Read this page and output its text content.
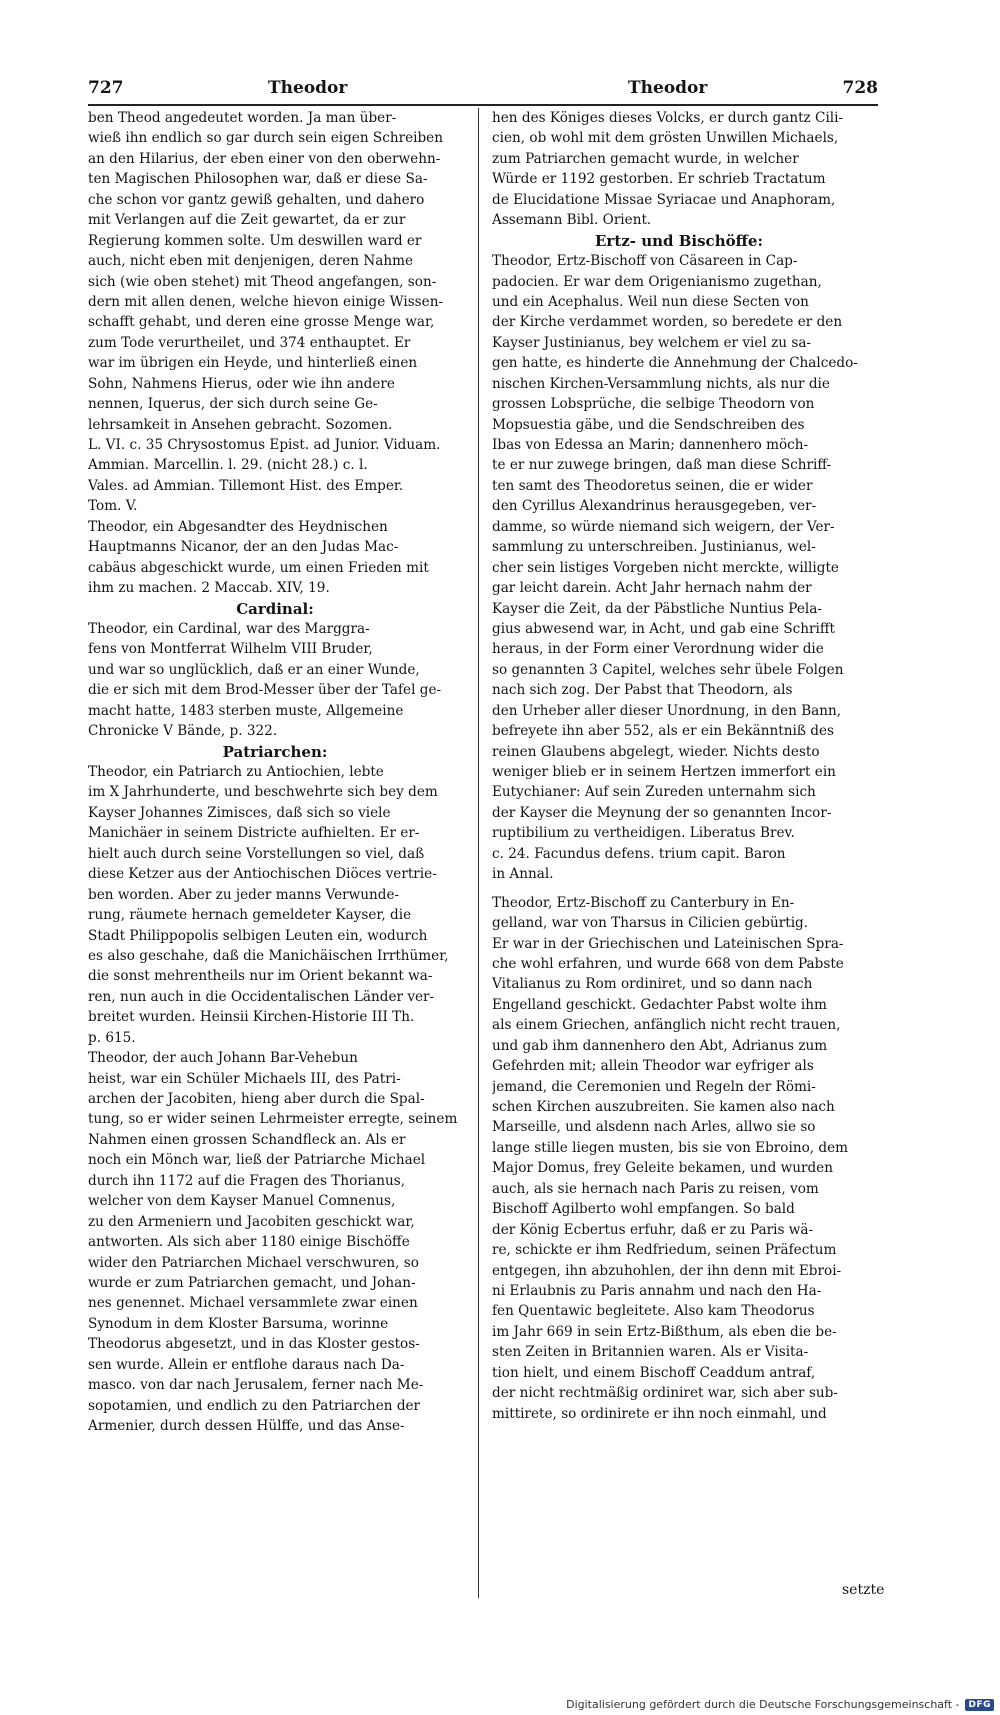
727	Theodor	Theodor	728
ben Theod angedeutet worden. Ja man über-
wieß ihn endlich so gar durch sein eigen Schreiben
an den Hilarius, der eben einer von den oberwehn-
ten Magischen Philosophen war, daß er diese Sa-
che schon vor gantz gewiß gehalten, und dahero
mit Verlangen auf die Zeit gewartet, da er zur
Regierung kommen solte. Um deswillen ward er
auch, nicht eben mit denjenigen, deren Nahme
sich (wie oben stehet) mit Theod angefangen, son-
dern mit allen denen, welche hievon einige Wissen-
schafft gehabt, und deren eine grosse Menge war,
zum Tode verurtheilet, und 374 enthauptet. Er
war im übrigen ein Heyde, und hinterließ einen
Sohn, Nahmens Hierus, oder wie ihn andere
nennen, Iquerus, der sich durch seine Ge-
lehrsamkeit in Ansehen gebracht. Sozomen.
L. VI. c. 35 Chrysostomus Epist. ad Junior. Viduam.
Ammian. Marcellin. l. 29. (nicht 28.) c. l.
Vales. ad Ammian. Tillemont Hist. des Emper.
Tom. V.
Theodor, ein Abgesandter des Heydnischen
Hauptmanns Nicanor, der an den Judas Mac-
cabäus abgeschickt wurde, um einen Frieden mit
ihm zu machen. 2 Maccab. XIV, 19.
Cardinal:
Theodor, ein Cardinal, war des Marggra-
fens von Montferrat Wilhelm VIII Bruder,
und war so unglücklich, daß er an einer Wunde,
die er sich mit dem Brod-Messer über der Tafel ge-
macht hatte, 1483 sterben muste, Allgemeine
Chronicke V Bände, p. 322.
Patriarchen:
Theodor, ein Patriarch zu Antiochien, lebte
im X Jahrhunderte, und beschwehrte sich bey dem
Kayser Johannes Zimisces, daß sich so viele
Manichäer in seinem Districte aufhielten. Er er-
hielt auch durch seine Vorstellungen so viel, daß
diese Ketzer aus der Antiochischen Diöces vertrie-
ben worden. Aber zu jeder manns Verwunde-
rung, räumete hernach gemeldeter Kayser, die
Stadt Philippopolis selbigen Leuten ein, wodurch
es also geschahe, daß die Manichäischen Irrthümer,
die sonst mehrentheils nur im Orient bekannt wa-
ren, nun auch in die Occidentalischen Länder ver-
breitet wurden. Heinsii Kirchen-Historie III Th.
p. 615.
Theodor, der auch Johann Bar-Vehebun
heist, war ein Schüler Michaels III, des Patri-
archen der Jacobiten, hieng aber durch die Spal-
tung, so er wider seinen Lehrmeister erregte, seinem
Nahmen einen grossen Schandfleck an. Als er
noch ein Mönch war, ließ der Patriarche Michael
durch ihn 1172 auf die Fragen des Thorianus,
welcher von dem Kayser Manuel Comnenus,
zu den Armeniern und Jacobiten geschickt war,
antworten. Als sich aber 1180 einige Bischöffe
wider den Patriarchen Michael verschwuren, so
wurde er zum Patriarchen gemacht, und Johan-
nes genennet. Michael versammlete zwar einen
Synodum in dem Kloster Barsuma, worinne
Theodorus abgesetzt, und in das Kloster gestos-
sen wurde. Allein er entflohe daraus nach Da-
masco. von dar nach Jerusalem, ferner nach Me-
sopotamien, und endlich zu den Patriarchen der
Armenier, durch dessen Hülffe, und das Anse-
hen des Königes dieses Volcks, er durch gantz Cili-
cien, ob wohl mit dem grösten Unwillen Michaels,
zum Patriarchen gemacht wurde, in welcher
Würde er 1192 gestorben. Er schrieb Tractatum
de Elucidatione Missae Syriacae und Anaphoram,
Assemann Bibl. Orient.
Ertz- und Bischöffe:
Theodor, Ertz-Bischoff von Cäsareen in Cap-
padocien. Er war dem Origenianismo zugethan,
und ein Acephalus. Weil nun diese Secten von
der Kirche verdammet worden, so beredete er den
Kayser Justinianus, bey welchem er viel zu sa-
gen hatte, es hinderte die Annehmung der Chalcedo-
nischen Kirchen-Versammlung nichts, als nur die
grossen Lobsprüche, die selbige Theodorn von
Mopsuestia gäbe, und die Sendschreiben des
Ibas von Edessa an Marin; dannenhero möch-
te er nur zuwege bringen, daß man diese Schriff-
ten samt des Theodoretus seinen, die er wider
den Cyrillus Alexandrinus herausgegeben, ver-
damme, so würde niemand sich weigern, der Ver-
sammlung zu unterschreiben. Justinianus, wel-
cher sein listiges Vorgeben nicht merckte, willigte
gar leicht darein. Acht Jahr hernach nahm der
Kayser die Zeit, da der Päbstliche Nuntius Pela-
gius abwesend war, in Acht, und gab eine Schrifft
heraus, in der Form einer Verordnung wider die
so genannten 3 Capitel, welches sehr übele Folgen
nach sich zog. Der Pabst that Theodorn, als
den Urheber aller dieser Unordnung, in den Bann,
befreyete ihn aber 552, als er ein Bekänntniß des
reinen Glaubens abgelegt, wieder. Nichts desto
weniger blieb er in seinem Hertzen immerfort ein
Eutychianer: Auf sein Zureden unternahm sich
der Kayser die Meynung der so genannten Incor-
ruptibilium zu vertheidigen. Liberatus Brev.
c. 24. Facundus defens. trium capit. Baron
in Annal.
Theodor, Ertz-Bischoff zu Canterbury in En-
gelland, war von Tharsus in Cilicien gebürtig.
Er war in der Griechischen und Lateinischen Spra-
che wohl erfahren, und wurde 668 von dem Pabste
Vitalianus zu Rom ordiniret, und so dann nach
Engelland geschickt. Gedachter Pabst wolte ihm
als einem Griechen, anfänglich nicht recht trauen,
und gab ihm dannenhero den Abt, Adrianus zum
Gefehrden mit; allein Theodor war eyfriger als
jemand, die Ceremonien und Regeln der Römi-
schen Kirchen auszubreiten. Sie kamen also nach
Marseille, und alsdenn nach Arles, allwo sie so
lange stille liegen musten, bis sie von Ebroino, dem
Major Domus, frey Geleite bekamen, und wurden
auch, als sie hernach nach Paris zu reisen, vom
Bischoff Agilberto wohl empfangen. So bald
der König Ecbertus erfuhr, daß er zu Paris wä-
re, schickte er ihm Redfriedum, seinen Präfectum
entgegen, ihn abzuhohlen, der ihn denn mit Ebroi-
ni Erlaubnis zu Paris annahm und nach den Ha-
fen Quentawic begleitete. Also kam Theodorus
im Jahr 669 in sein Ertz-Bißthum, als eben die be-
sten Zeiten in Britannien waren. Als er Visita-
tion hielt, und einem Bischoff Ceaddum antraf,
der nicht rechtmäßig ordiniret war, sich aber sub-
mittirete, so ordinirete er ihn noch einmahl, und
setzte
Digitalisierung gefördert durch die Deutsche Forschungsgemeinschaft -	DFG
